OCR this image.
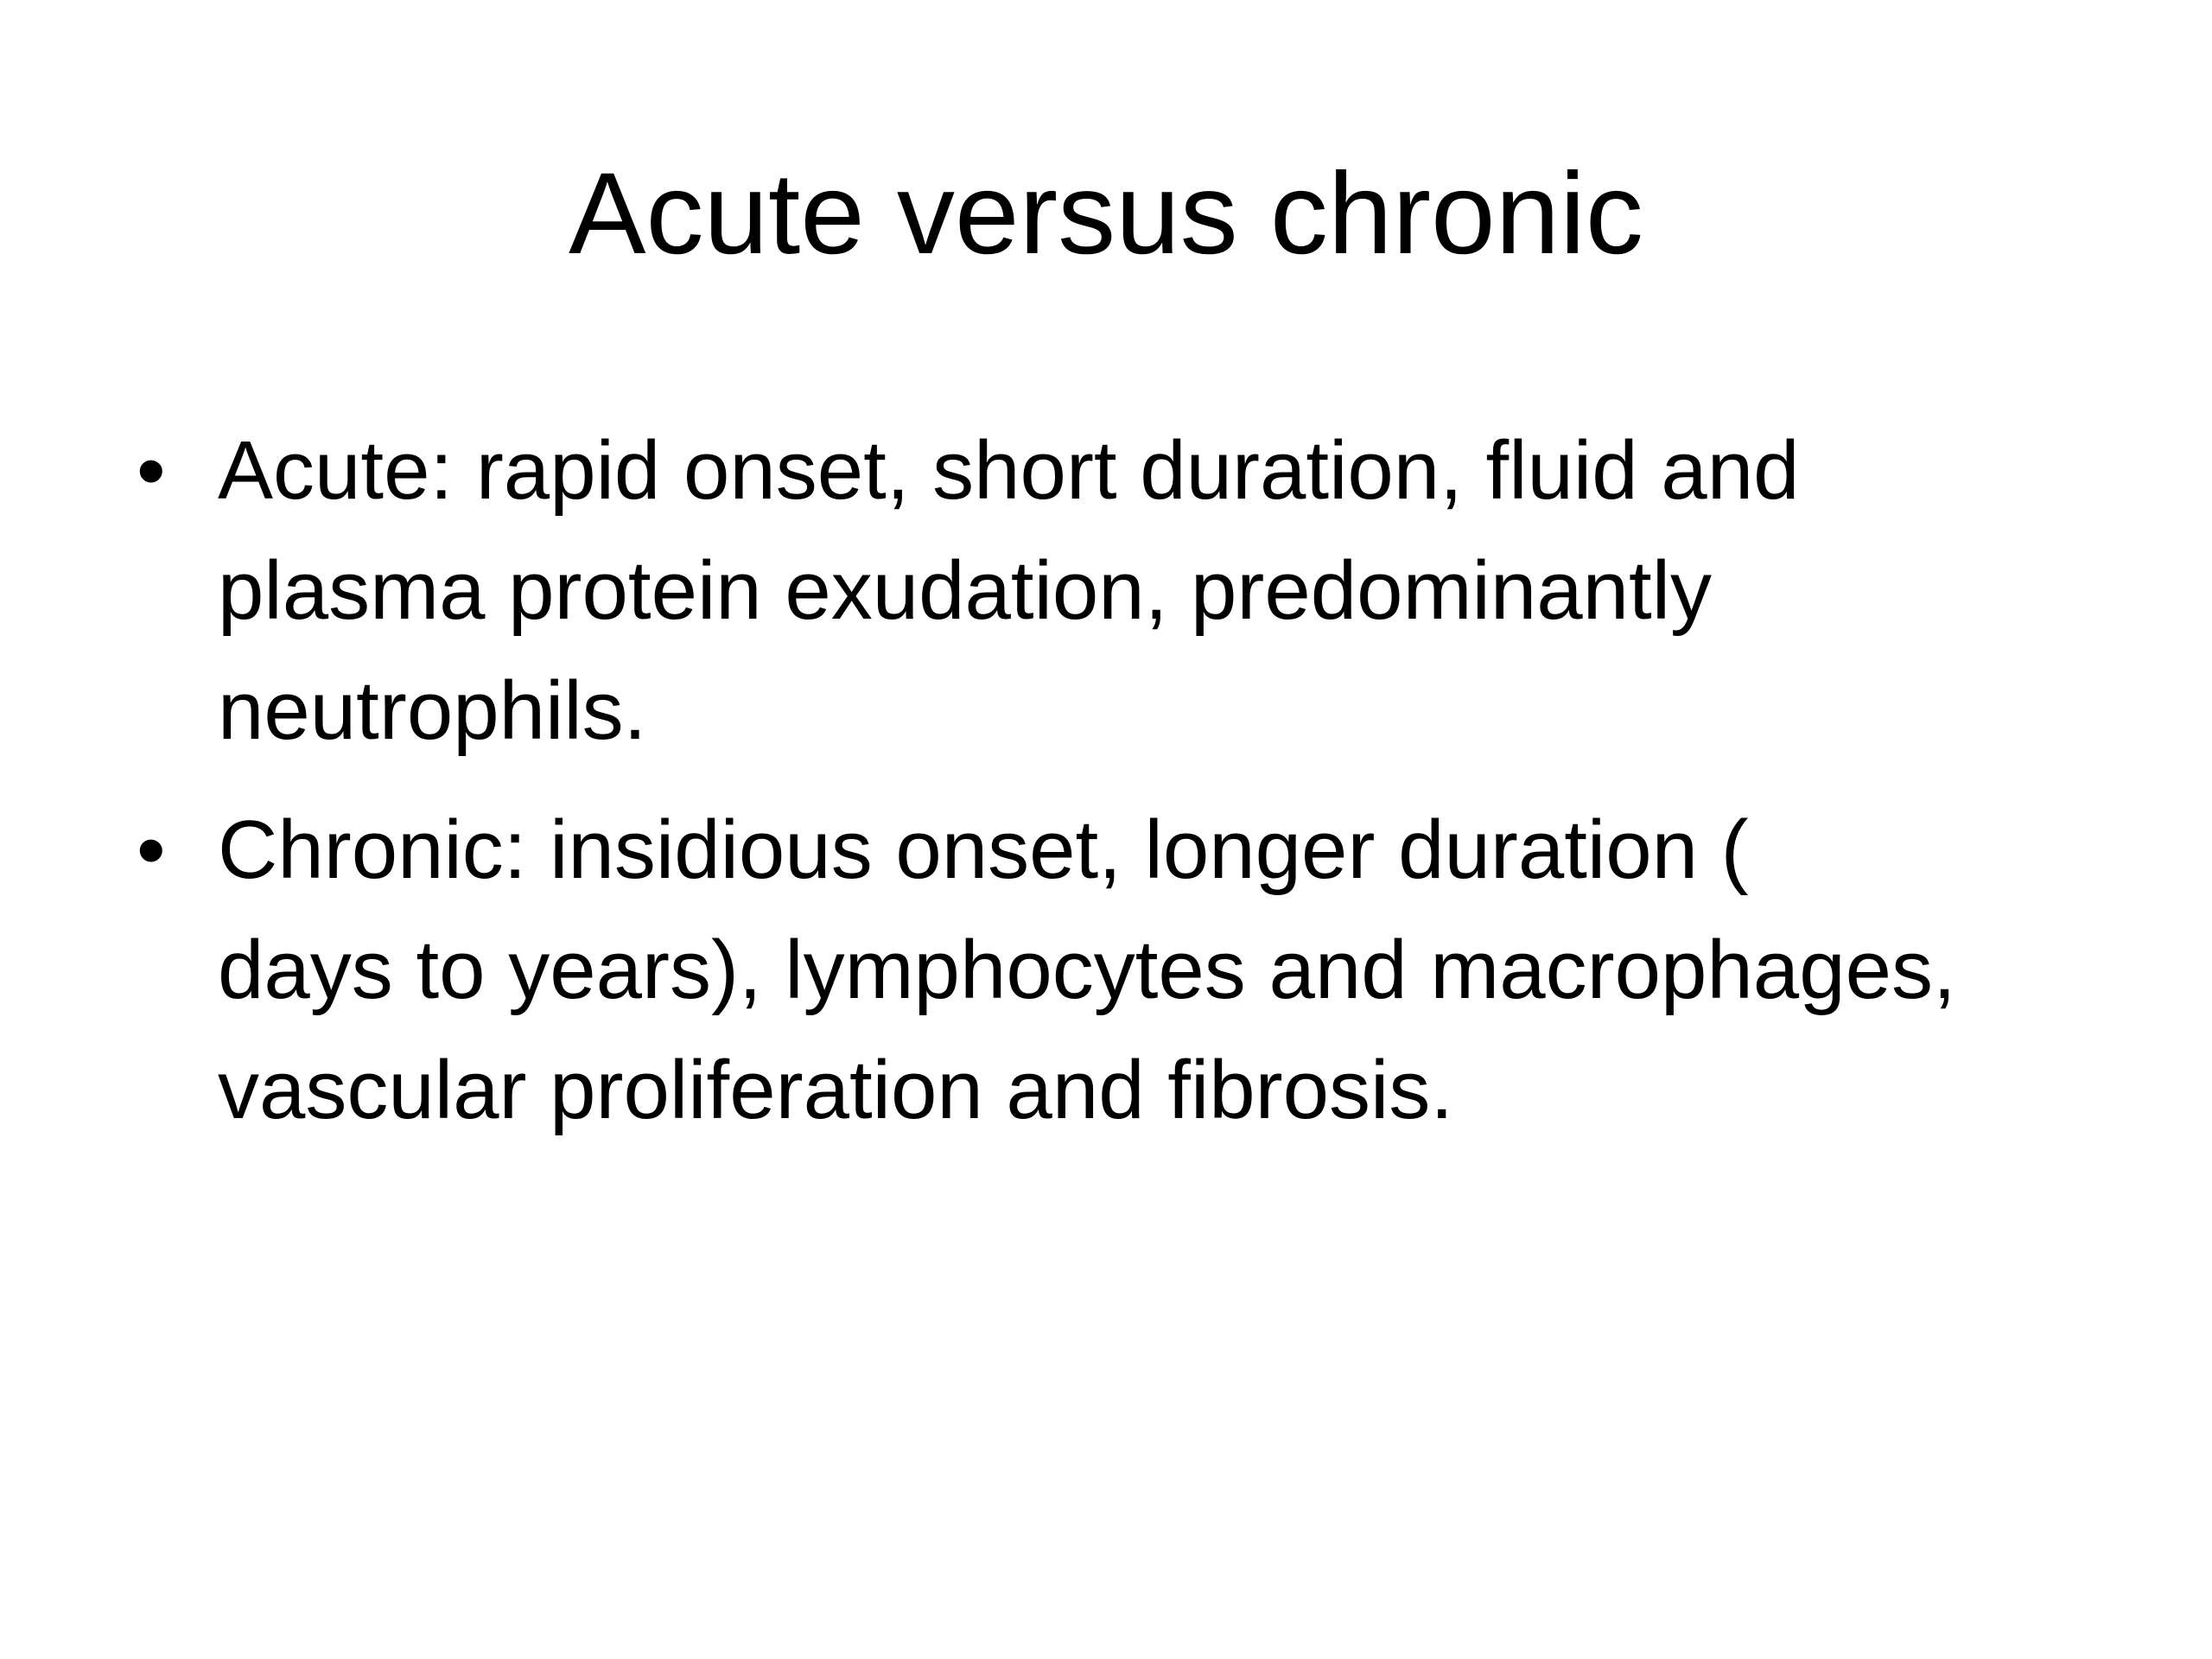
Acute versus chronic
• Acute: rapid onset, short duration, fluid and
plasma protein exudation, predominantly
neutrophils.
• Chronic: insidious onset, longer duration (
days to years), lymphocytes and macrophages,
vascular proliferation and fibrosis.
